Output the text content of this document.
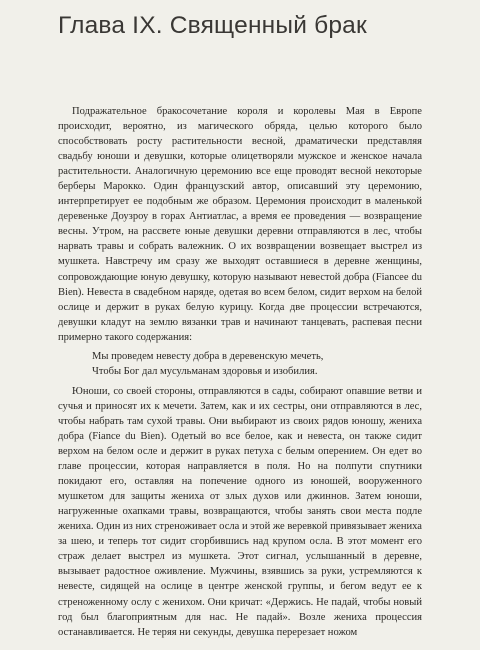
Глава IX. Священный брак

Подражательное бракосочетание короля и королевы Мая в Европе происходит, вероятно, из магического обряда, целью которого было способствовать росту растительности весной, драматически представляя свадьбу юноши и девушки, которые олицетворяли мужское и женское начала растительности. Аналогичную церемонию все еще проводят весной некоторые берберы Марокко. Один французский автор, описавший эту церемонию, интерпретирует ее подобным же образом. Церемония происходит в маленькой деревеньке Доузроу в горах Антиатлас, а время ее проведения — возвращение весны. Утром, на рассвете юные девушки деревни отправляются в лес, чтобы нарвать травы и собрать валежник. О их возвращении возвещает выстрел из мушкета. Навстречу им сразу же выходят оставшиеся в деревне женщины, сопровождающие юную девушку, которую называют невестой добра (Fiancee du Bien). Невеста в свадебном наряде, одетая во всем белом, сидит верхом на белой ослице и держит в руках белую курицу. Когда две процессии встречаются, девушки кладут на землю вязанки трав и начинают танцевать, распевая песни примерно такого содержания:

Мы проведем невесту добра в деревенскую мечеть,
Чтобы Бог дал мусульманам здоровья и изобилия.

Юноши, со своей стороны, отправляются в сады, собирают опавшие ветви и сучья и приносят их к мечети. Затем, как и их сестры, они отправляются в лес, чтобы набрать там сухой травы. Они выбирают из своих рядов юношу, жениха добра (Fiance du Bien). Одетый во все белое, как и невеста, он также сидит верхом на белом осле и держит в руках петуха с белым оперением. Он едет во главе процессии, которая направляется в поля. Но на полпути спутники покидают его, оставляя на попечение одного из юношей, вооруженного мушкетом для защиты жениха от злых духов или джиннов. Затем юноши, нагруженные охапками травы, возвращаются, чтобы занять свои места подле жениха. Один из них стреноживает осла и этой же веревкой привязывает жениха за шею, и теперь тот сидит сгорбившись над крупом осла. В этот момент его страж делает выстрел из мушкета. Этот сигнал, услышанный в деревне, вызывает радостное оживление. Мужчины, взявшись за руки, устремляются к невесте, сидящей на ослице в центре женской группы, и бегом ведут ее к стреноженному ослу с женихом. Они кричат: «Держись. Не падай, чтобы новый год был благоприятным для нас. Не падай». Возле жениха процессия останавливается. Не теряя ни секунды, девушка перерезает ножом
